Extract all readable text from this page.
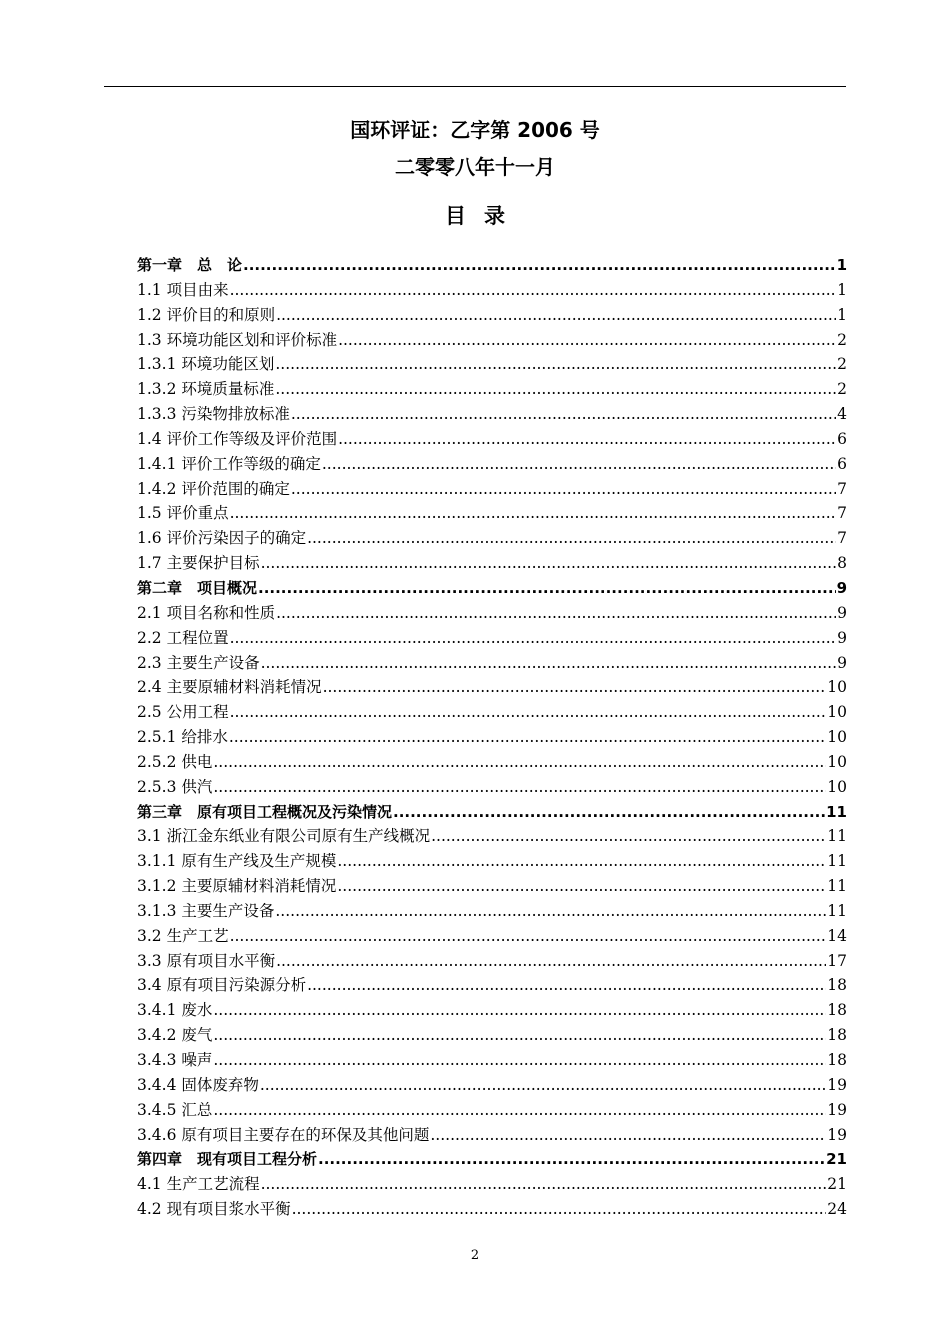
国环评证：乙字第 2006 号
二零零八年十一月
目录
第一章　总　论 .....	1
1.1 项目由来 .....	1
1.2 评价目的和原则 .....	1
1.3 环境功能区划和评价标准 .....	2
1.3.1 环境功能区划 .....	2
1.3.2 环境质量标准 .....	2
1.3.3 污染物排放标准 .....	4
1.4 评价工作等级及评价范围 .....	6
1.4.1 评价工作等级的确定 .....	6
1.4.2 评价范围的确定 .....	7
1.5 评价重点 .....	7
1.6 评价污染因子的确定 .....	7
1.7 主要保护目标 .....	8
第二章　项目概况 .....	9
2.1 项目名称和性质 .....	9
2.2 工程位置 .....	9
2.3 主要生产设备 .....	9
2.4 主要原辅材料消耗情况 .....	10
2.5 公用工程 .....	10
2.5.1 给排水 .....	10
2.5.2 供电 .....	10
2.5.3 供汽 .....	10
第三章　原有项目工程概况及污染情况 .....	11
3.1 浙江金东纸业有限公司原有生产线概况 .....	11
3.1.1 原有生产线及生产规模 .....	11
3.1.2 主要原辅材料消耗情况 .....	11
3.1.3 主要生产设备 .....	11
3.2 生产工艺 .....	14
3.3 原有项目水平衡 .....	17
3.4 原有项目污染源分析 .....	18
3.4.1 废水 .....	18
3.4.2 废气 .....	18
3.4.3 噪声 .....	18
3.4.4 固体废弃物 .....	19
3.4.5 汇总 .....	19
3.4.6 原有项目主要存在的环保及其他问题 .....	19
第四章　现有项目工程分析 .....	21
4.1 生产工艺流程 .....	21
4.2 现有项目浆水平衡 .....	24
2
